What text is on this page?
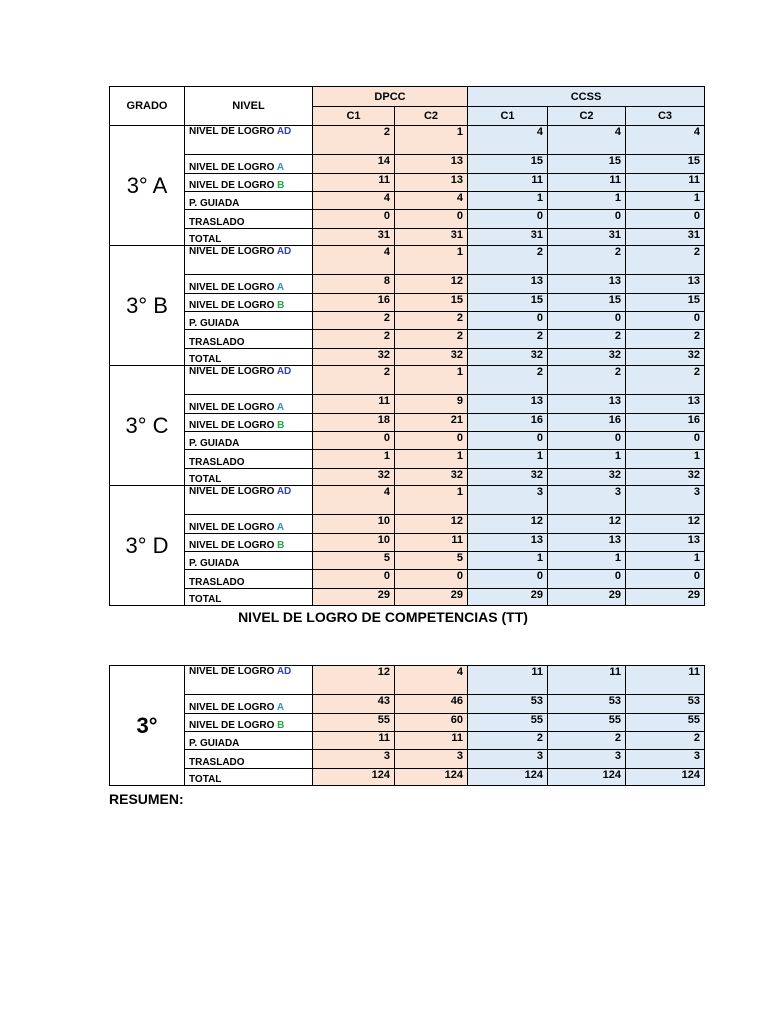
GRADO	NIVEL	DPCC		CCSS		
		C1	C2	C1	C2	C3
3° A	NIVEL DE LOGRO AD	2	1	4	4	4
	NIVEL DE LOGRO A	14	13	15	15	15
	NIVEL DE LOGRO B	11	13	11	11	11
	P. GUIADA	4	4	1	1	1
	TRASLADO	0	0	0	0	0
	TOTAL	31	31	31	31	31
3° B	NIVEL DE LOGRO AD	4	1	2	2	2
	NIVEL DE LOGRO A	8	12	13	13	13
	NIVEL DE LOGRO B	16	15	15	15	15
	P. GUIADA	2	2	0	0	0
	TRASLADO	2	2	2	2	2
	TOTAL	32	32	32	32	32
3° C	NIVEL DE LOGRO AD	2	1	2	2	2
	NIVEL DE LOGRO A	11	9	13	13	13
	NIVEL DE LOGRO B	18	21	16	16	16
	P. GUIADA	0	0	0	0	0
	TRASLADO	1	1	1	1	1
	TOTAL	32	32	32	32	32
3° D	NIVEL DE LOGRO AD	4	1	3	3	3
	NIVEL DE LOGRO A	10	12	12	12	12
	NIVEL DE LOGRO B	10	11	13	13	13
	P. GUIADA	5	5	1	1	1
	TRASLADO	0	0	0	0	0
	TOTAL	29	29	29	29	29
NIVEL DE LOGRO DE COMPETENCIAS (TT)
3°	NIVEL DE LOGRO AD	12	4	11	11	11
	NIVEL DE LOGRO A	43	46	53	53	53
	NIVEL DE LOGRO B	55	60	55	55	55
	P. GUIADA	11	11	2	2	2
	TRASLADO	3	3	3	3	3
	TOTAL	124	124	124	124	124
RESUMEN:
